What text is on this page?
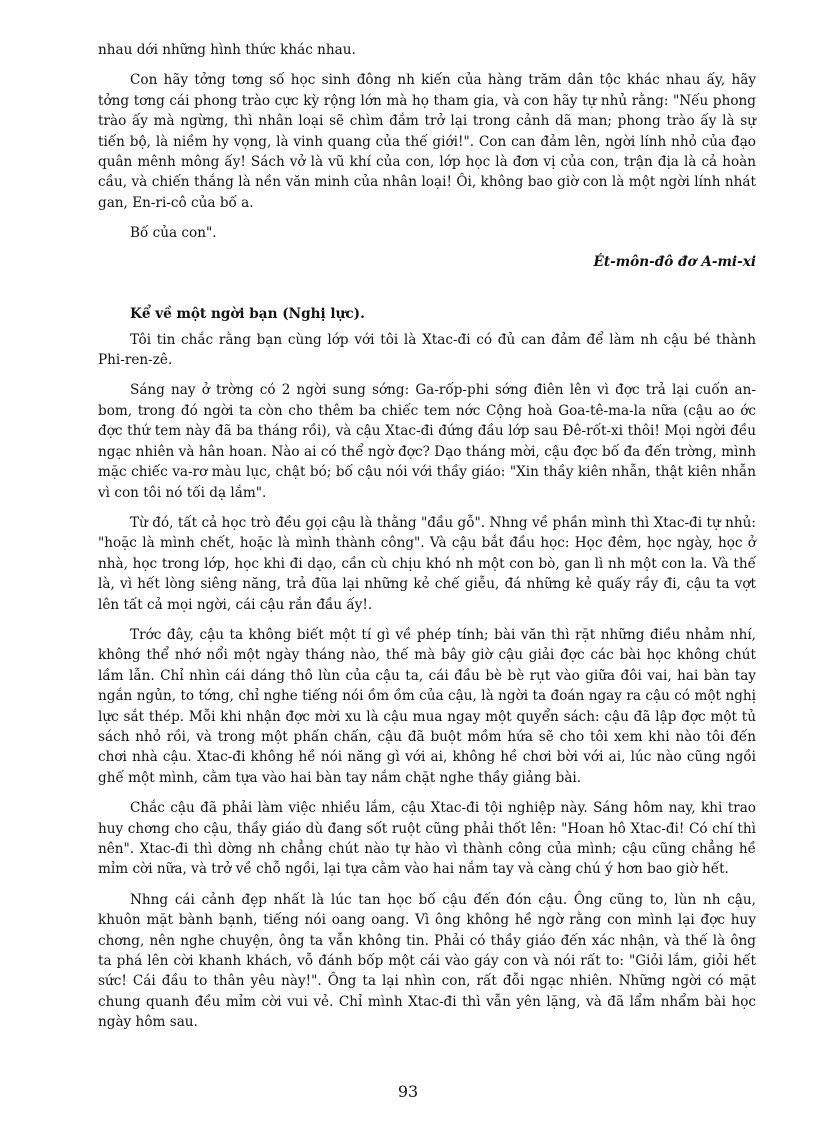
nhau dới những hình thức khác nhau.

Con hãy tởng tơng số học sinh đông nh kiến của hàng trăm dân tộc khác nhau ấy, hãy tởng tơng cái phong trào cực kỳ rộng lớn mà họ tham gia, và con hãy tự nhủ rằng: "Nếu phong trào ấy mà ngừng, thì nhân loại sẽ chìm đắm trở lại trong cảnh dã man; phong trào ấy là sự tiến bộ, là niềm hy vọng, là vinh quang của thế giới!". Con can đảm lên, ngời lính nhỏ của đạo quân mênh mông ấy! Sách vở là vũ khí của con, lớp học là đơn vị của con, trận địa là cả hoàn cầu, và chiến thắng là nền văn minh của nhân loại! Ôi, không bao giờ con là một ngời lính nhát gan, En-ri-cô của bố a.

Bố của con".

Ét-môn-đô đơ A-mi-xi

Kể về một ngời bạn (Nghị lực).

Tôi tin chắc rằng bạn cùng lớp với tôi là Xtac-đi có đủ can đảm để làm nh cậu bé thành Phi-ren-zê.

Sáng nay ở trờng có 2 ngời sung sớng: Ga-rốp-phi sớng điên lên vì đợc trả lại cuốn an-bom, trong đó ngời ta còn cho thêm ba chiếc tem nớc Cộng hoà Goa-tê-ma-la nữa (cậu ao ớc đợc thứ tem này đã ba tháng rồi), và cậu Xtac-đi đứng đầu lớp sau Đê-rốt-xi thôi! Mọi ngời đều ngạc nhiên và hân hoan. Nào ai có thể ngờ đợc? Dạo tháng mời, cậu đợc bố đa đến trờng, mình mặc chiếc va-rơ màu lục, chật bó; bố cậu nói với thầy giáo: "Xin thầy kiên nhẫn, thật kiên nhẫn vì con tôi nó tối dạ lắm".

Từ đó, tất cả học trò đều gọi cậu là thằng "đầu gỗ". Nhng về phần mình thì Xtac-đi tự nhủ: "hoặc là mình chết, hoặc là mình thành công". Và cậu bắt đầu học: Học đêm, học ngày, học ở nhà, học trong lớp, học khi đi dạo, cần cù chịu khó nh một con bò, gan lì nh một con la. Và thế là, vì hết lòng siêng năng, trả đũa lại những kẻ chế giễu, đá những kẻ quấy rầy đi, cậu ta vợt lên tất cả mọi ngời, cái cậu rắn đầu ấy!.

Trớc đây, cậu ta không biết một tí gì về phép tính; bài văn thì rặt những điều nhảm nhí, không thể nhớ nổi một ngày tháng nào, thế mà bây giờ cậu giải đợc các bài học không chút lầm lẫn. Chỉ nhìn cái dáng thô lùn của cậu ta, cái đầu bè bè rụt vào giữa đôi vai, hai bàn tay ngắn ngủn, to tớng, chỉ nghe tiếng nói ồm ồm của cậu, là ngời ta đoán ngay ra cậu có một nghị lực sắt thép. Mỗi khi nhận đợc mời xu là cậu mua ngay một quyển sách: cậu đã lập đợc một tủ sách nhỏ rồi, và trong một phấn chấn, cậu đã buột mồm hứa sẽ cho tôi xem khi nào tôi đến chơi nhà cậu. Xtac-đi không hề nói năng gì với ai, không hề chơi bời với ai, lúc nào cũng ngồi ghế một mình, cằm tựa vào hai bàn tay nắm chặt nghe thầy giảng bài.

Chắc cậu đã phải làm việc nhiều lắm, cậu Xtac-đi tội nghiệp này. Sáng hôm nay, khi trao huy chơng cho cậu, thầy giáo dù đang sốt ruột cũng phải thốt lên: "Hoan hô Xtac-đi! Có chí thì nên". Xtac-đi thì dờng nh chẳng chút nào tự hào vì thành công của mình; cậu cũng chẳng hề mỉm cời nữa, và trở về chỗ ngồi, lại tựa cằm vào hai nắm tay và càng chú ý hơn bao giờ hết.

Nhng cái cảnh đẹp nhất là lúc tan học bố cậu đến đón cậu. Ông cũng to, lùn nh cậu, khuôn mặt bành bạnh, tiếng nói oang oang. Vì ông không hề ngờ rằng con mình lại đợc huy chơng, nên nghe chuyện, ông ta vẫn không tin. Phải có thầy giáo đến xác nhận, và thế là ông ta phá lên cời khanh khách, vỗ đánh bốp một cái vào gáy con và nói rất to: "Giỏi lắm, giỏi hết sức! Cái đầu to thân yêu này!". Ông ta lại nhìn con, rất đỗi ngạc nhiên. Những ngời có mặt chung quanh đều mỉm cời vui vẻ. Chỉ mình Xtac-đi thì vẫn yên lặng, và đã lẩm nhẩm bài học ngày hôm sau.

93
